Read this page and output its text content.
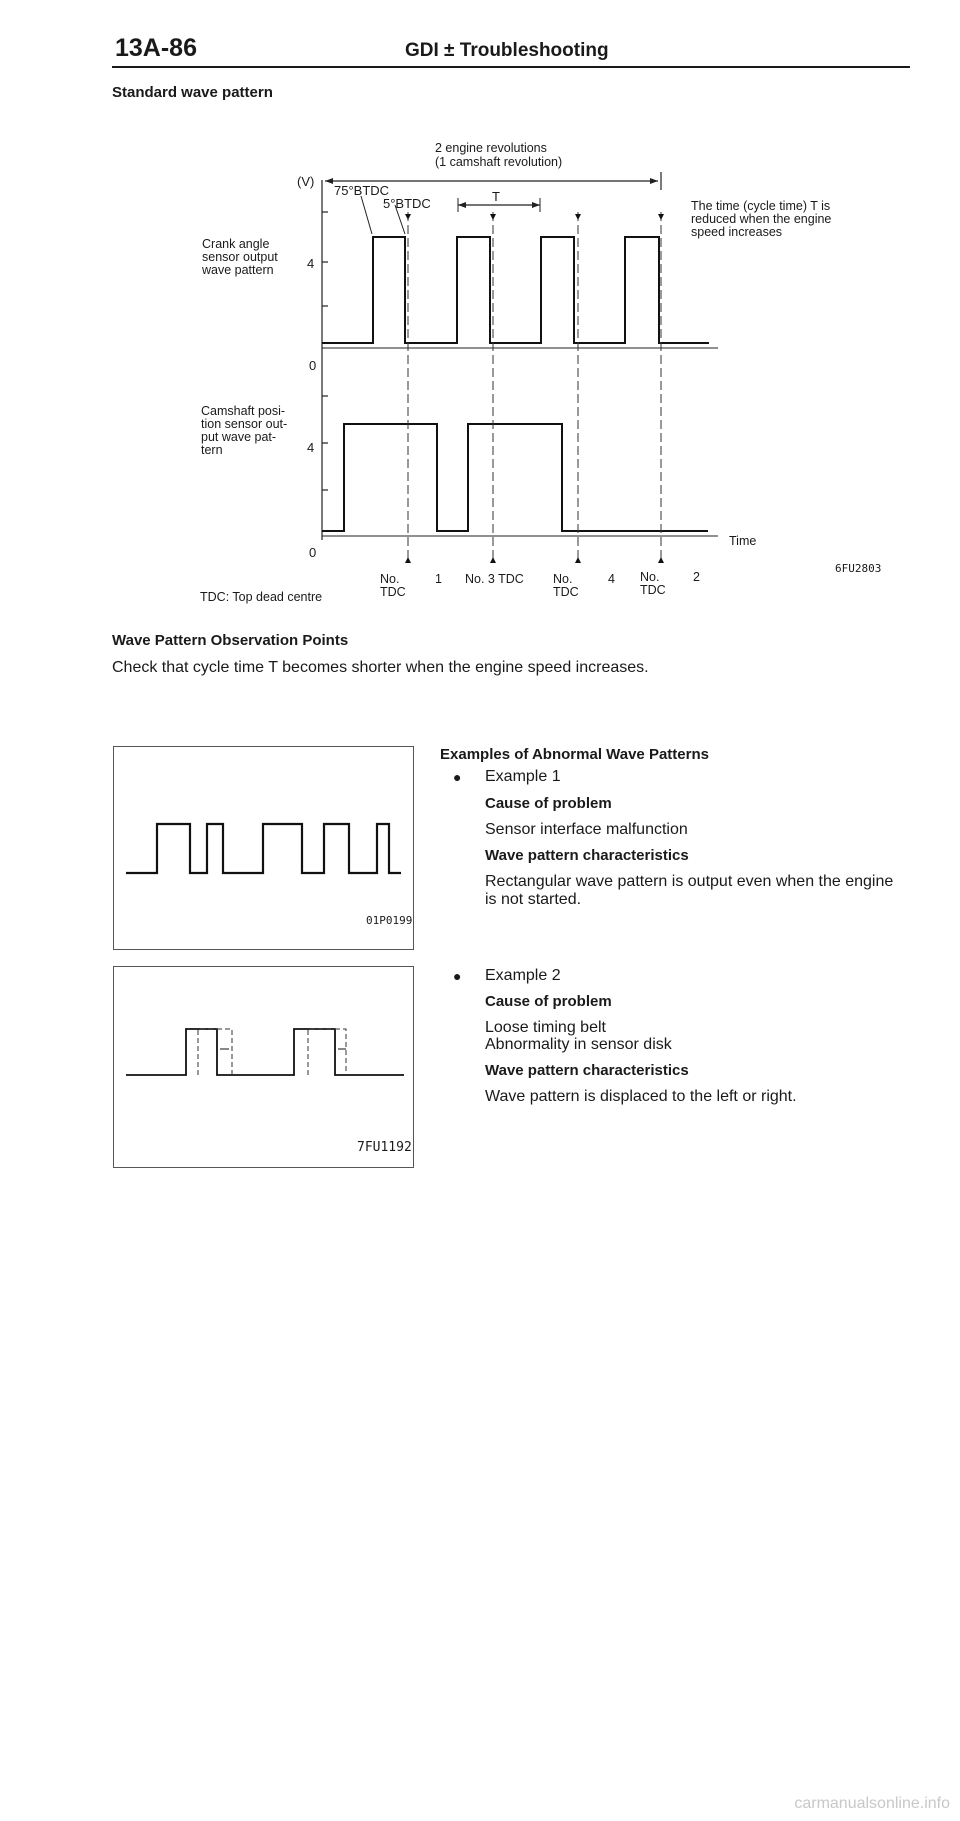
13A-86	GDI ± Troubleshooting
Standard wave pattern
2 engine revolutions
(1 camshaft revolution)
(V)
75°BTDC
5°BTDC	T
The time (cycle time) T is
reduced when the engine
speed increases
Crank angle
sensor output
wave pattern	4
0
Camshaft posi-
tion sensor out-
put wave pat-
tern	4
0
Time
No.
TDC
1 No. 3 TDC No.
TDC
4 No.
TDC
2
TDC: Top dead centre
6FU2803
Wave Pattern Observation Points
Check that cycle time T becomes shorter when the engine speed increases.
01P0199
Examples of Abnormal Wave Patterns
● Example 1
Cause of problem
Sensor interface malfunction
Wave pattern characteristics
Rectangular wave pattern is output even when the engine
is not started.
7FU1192
● Example 2
Cause of problem
Loose timing belt
Abnormality in sensor disk
Wave pattern characteristics
Wave pattern is displaced to the left or right.
carmanualsonline.info
